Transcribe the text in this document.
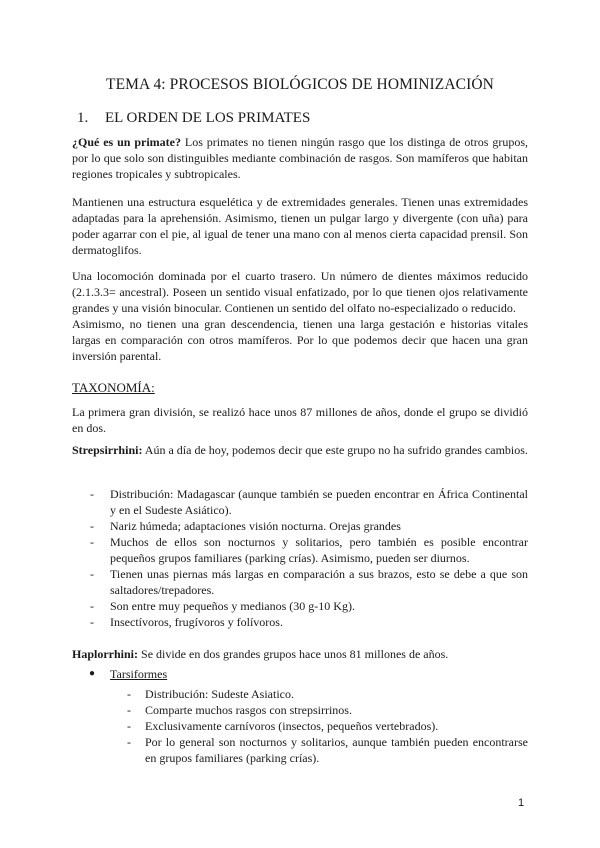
TEMA 4: PROCESOS BIOLÓGICOS DE HOMINIZACIÓN
1. EL ORDEN DE LOS PRIMATES

¿Qué es un primate? Los primates no tienen ningún rasgo que los distinga de otros grupos, por lo que solo son distinguibles mediante combinación de rasgos. Son mamíferos que habitan regiones tropicales y subtropicales.

Mantienen una estructura esquelética y de extremidades generales. Tienen unas extremidades adaptadas para la aprehensión. Asimismo, tienen un pulgar largo y divergente (con uña) para poder agarrar con el pie, al igual de tener una mano con al menos cierta capacidad prensil. Son dermatoglifos.

Una locomoción dominada por el cuarto trasero. Un número de dientes máximos reducido (2.1.3.3= ancestral). Poseen un sentido visual enfatizado, por lo que tienen ojos relativamente grandes y una visión binocular. Contienen un sentido del olfato no-especializado o reducido.

Asimismo, no tienen una gran descendencia, tienen una larga gestación e historias vitales largas en comparación con otros mamíferos. Por lo que podemos decir que hacen una gran inversión parental.

TAXONOMÍA:

La primera gran división, se realizó hace unos 87 millones de años, donde el grupo se dividió en dos.

Strepsirrhini: Aún a día de hoy, podemos decir que este grupo no ha sufrido grandes cambios.

- Distribución: Madagascar (aunque también se pueden encontrar en África Continental y en el Sudeste Asiático).
- Nariz húmeda; adaptaciones visión nocturna. Orejas grandes
- Muchos de ellos son nocturnos y solitarios, pero también es posible encontrar pequeños grupos familiares (parking crías). Asimismo, pueden ser diurnos.
- Tienen unas piernas más largas en comparación a sus brazos, esto se debe a que son saltadores/trepadores.
- Son entre muy pequeños y medianos (30 g-10 Kg).
- Insectívoros, frugívoros y folívoros.

Haplorrhini: Se divide en dos grandes grupos hace unos 81 millones de años.

● Tarsiformes
- Distribución: Sudeste Asiatico.
- Comparte muchos rasgos con strepsirrinos.
- Exclusivamente carnívoros (insectos, pequeños vertebrados).
- Por lo general son nocturnos y solitarios, aunque también pueden encontrarse en grupos familiares (parking crías).
1
